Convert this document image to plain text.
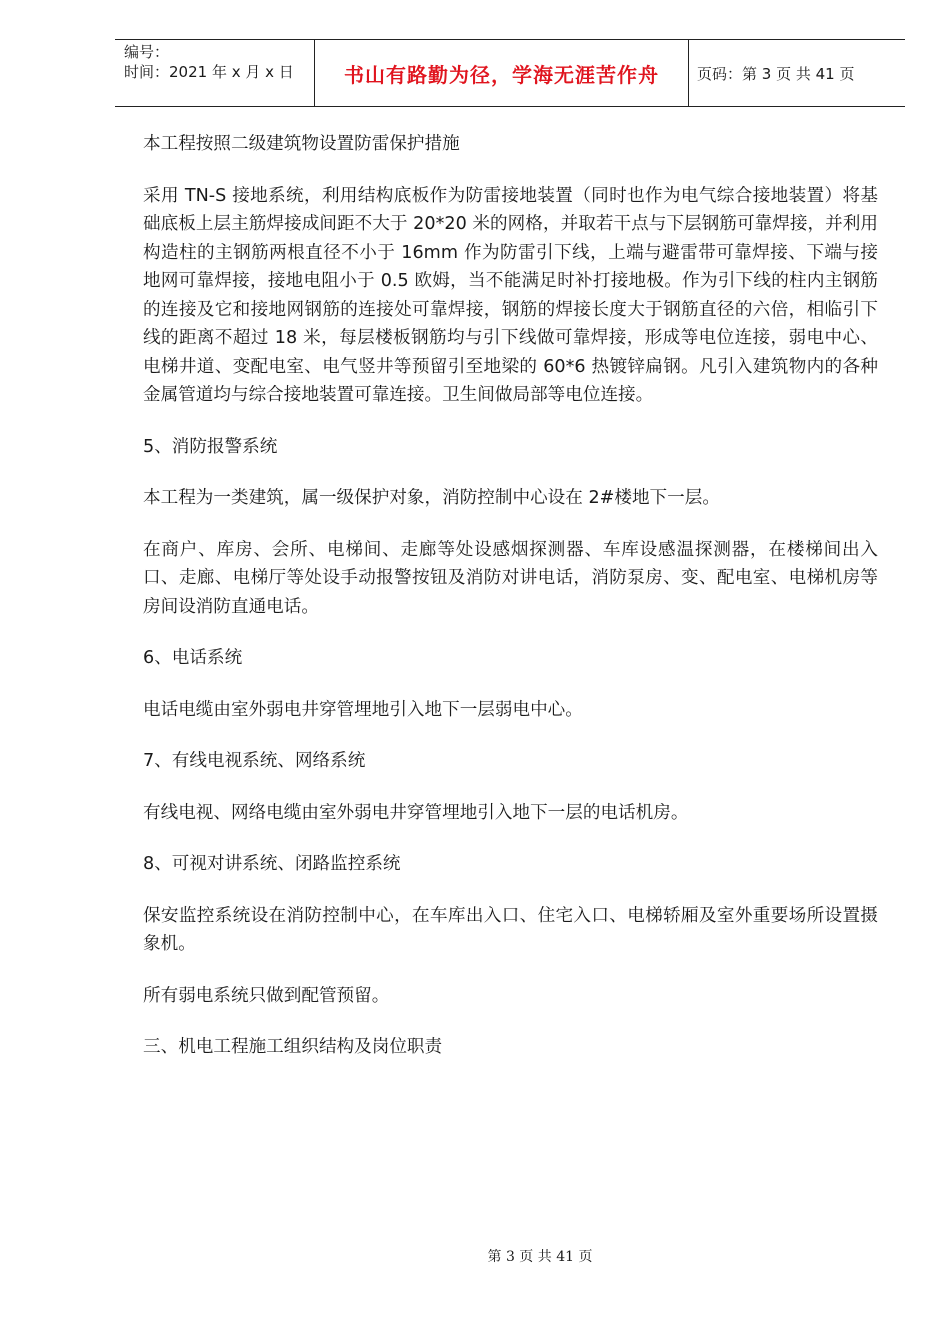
编号：
时间：2021 年 x 月 x 日	书山有路勤为径，学海无涯苦作舟	页码：第 3 页 共 41 页

本工程按照二级建筑物设置防雷保护措施

采用 TN-S 接地系统，利用结构底板作为防雷接地装置（同时也作为电气综合接地装置）将基础底板上层主筋焊接成间距不大于 20*20 米的网格，并取若干点与下层钢筋可靠焊接，并利用构造柱的主钢筋两根直径不小于 16mm 作为防雷引下线，上端与避雷带可靠焊接、下端与接地网可靠焊接，接地电阻小于 0.5 欧姆，当不能满足时补打接地极。作为引下线的柱内主钢筋的连接及它和接地网钢筋的连接处可靠焊接，钢筋的焊接长度大于钢筋直径的六倍，相临引下线的距离不超过 18 米，每层楼板钢筋均与引下线做可靠焊接，形成等电位连接，弱电中心、电梯井道、变配电室、电气竖井等预留引至地梁的 60*6 热镀锌扁钢。凡引入建筑物内的各种金属管道均与综合接地装置可靠连接。卫生间做局部等电位连接。

5、消防报警系统

本工程为一类建筑，属一级保护对象，消防控制中心设在 2#楼地下一层。

在商户、库房、会所、电梯间、走廊等处设感烟探测器、车库设感温探测器，在楼梯间出入口、走廊、电梯厅等处设手动报警按钮及消防对讲电话，消防泵房、变、配电室、电梯机房等房间设消防直通电话。

6、电话系统

电话电缆由室外弱电井穿管埋地引入地下一层弱电中心。

7、有线电视系统、网络系统

有线电视、网络电缆由室外弱电井穿管埋地引入地下一层的电话机房。

8、可视对讲系统、闭路监控系统

保安监控系统设在消防控制中心，在车库出入口、住宅入口、电梯轿厢及室外重要场所设置摄象机。

所有弱电系统只做到配管预留。

三、机电工程施工组织结构及岗位职责

第 3 页 共 41 页
